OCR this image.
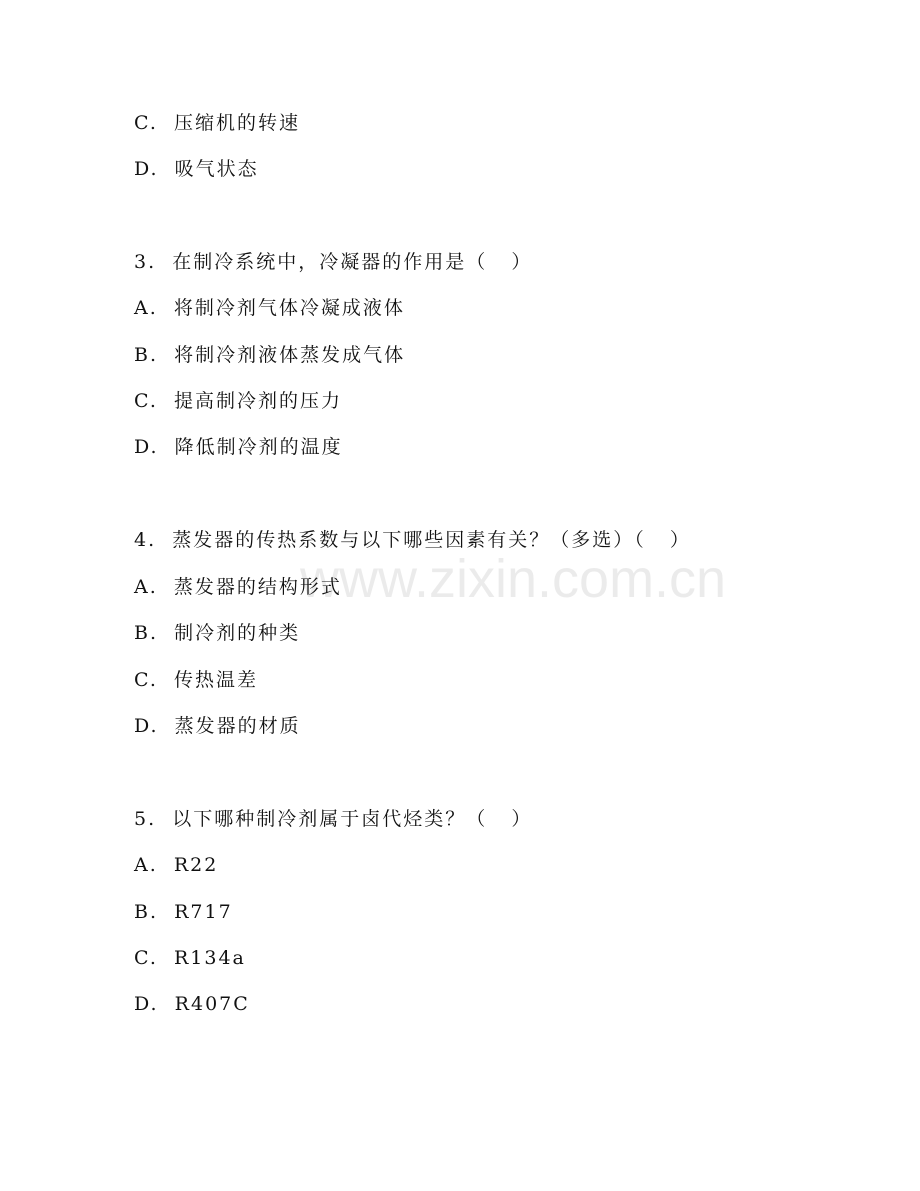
C.  压缩机的转速
D.  吸气状态
3.  在制冷系统中，冷凝器的作用是（   ）
A.  将制冷剂气体冷凝成液体
B.  将制冷剂液体蒸发成气体
C.  提高制冷剂的压力
D.  降低制冷剂的温度
4.  蒸发器的传热系数与以下哪些因素有关？（多选）（   ）
A.  蒸发器的结构形式
B.  制冷剂的种类
C.  传热温差
D.  蒸发器的材质
5.  以下哪种制冷剂属于卤代烃类？（   ）
A.  R22
B.  R717
C.  R134a
D.  R407C
www.zixin.com.cn
